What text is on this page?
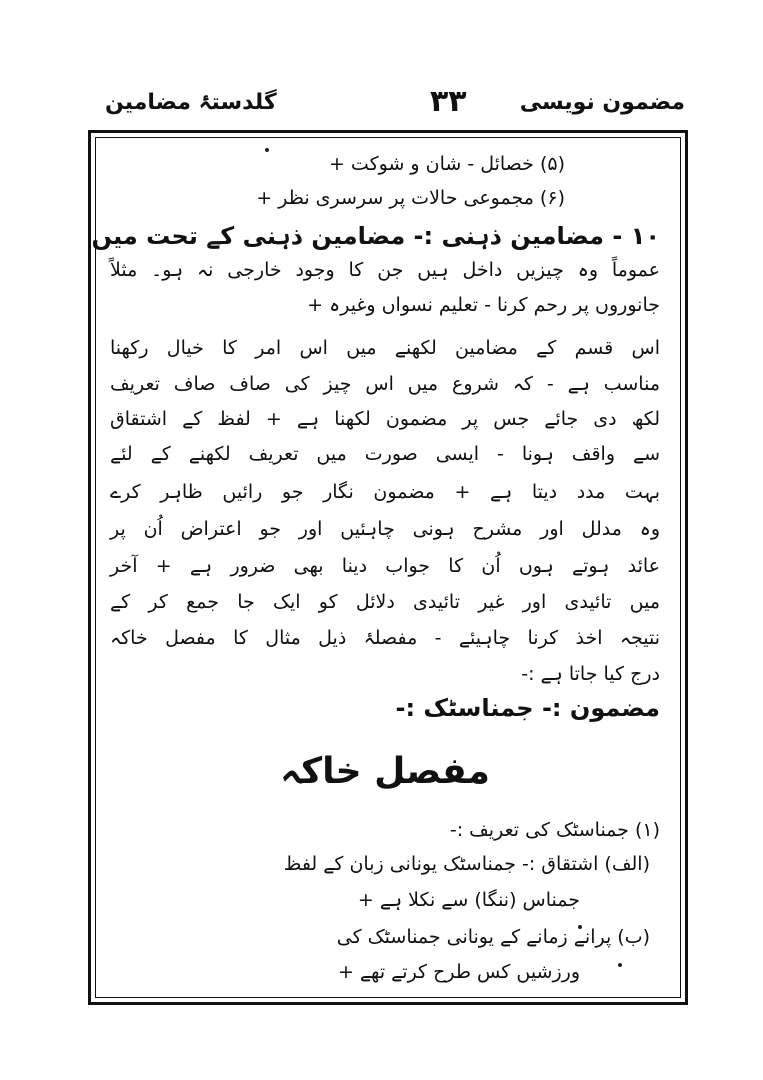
گلدستۂ مضامین	۳۳ مضمون نویسی
(۵) خصائل - شان و شوکت +
(۶) مجموعی حالات پر سرسری نظر +
۱۰ - مضامین ذہنی :- مضامین ذہنی کے تحت میں
عموماً وہ چیزیں داخل ہیں جن کا وجود خارجی نہ ہو۔ مثلاً
جانوروں پر رحم کرنا - تعلیم نسواں وغیرہ +
اس قسم کے مضامین لکھنے میں اس امر کا خیال رکھنا
مناسب ہے - کہ شروع میں اس چیز کی صاف صاف تعریف
لکھ دی جائے جس پر مضمون لکھنا ہے + لفظ کے اشتقاق
سے واقف ہونا - ایسی صورت میں تعریف لکھنے کے لئے
بہت مدد دیتا ہے + مضمون نگار جو رائیں ظاہر کرے
وہ مدلل اور مشرح ہونی چاہئیں اور جو اعتراض اُن پر
عائد ہوتے ہوں اُن کا جواب دینا بھی ضرور ہے + آخر
میں تائیدی اور غیر تائیدی دلائل کو ایک جا جمع کر کے
نتیجہ اخذ کرنا چاہیئے - مفصلۂ ذیل مثال کا مفصل خاکہ
درج کیا جاتا ہے :-
مضمون :- جمناسٹک :-
مفصل خاکہ
(۱) جمناسٹک کی تعریف :-
(الف) اشتقاق :- جمناسٹک یونانی زبان کے لفظ
جمناس (ننگا) سے نکلا ہے +
(ب) پرانے زمانے کے یونانی جمناسٹک کی
ورزشیں کس طرح کرتے تھے +
